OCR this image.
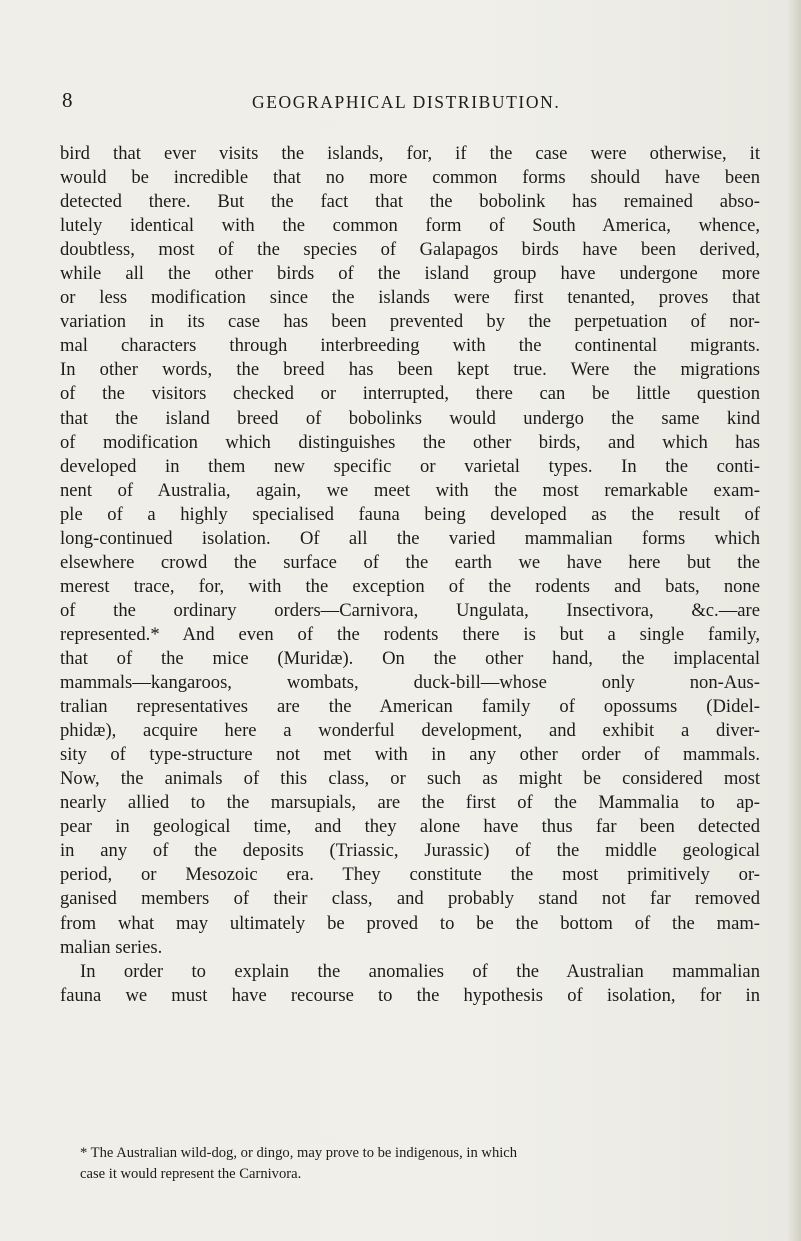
8	GEOGRAPHICAL DISTRIBUTION.
bird that ever visits the islands, for, if the case were otherwise, it
would be incredible that no more common forms should have been
detected there. But the fact that the bobolink has remained abso-
lutely identical with the common form of South America, whence,
doubtless, most of the species of Galapagos birds have been derived,
while all the other birds of the island group have undergone more
or less modification since the islands were first tenanted, proves that
variation in its case has been prevented by the perpetuation of nor-
mal characters through interbreeding with the continental migrants.
In other words, the breed has been kept true. Were the migrations
of the visitors checked or interrupted, there can be little question
that the island breed of bobolinks would undergo the same kind
of modification which distinguishes the other birds, and which has
developed in them new specific or varietal types. In the conti-
nent of Australia, again, we meet with the most remarkable exam-
ple of a highly specialised fauna being developed as the result of
long-continued isolation. Of all the varied mammalian forms which
elsewhere crowd the surface of the earth we have here but the
merest trace, for, with the exception of the rodents and bats, none
of the ordinary orders—Carnivora, Ungulata, Insectivora, &c.—are
represented.* And even of the rodents there is but a single family,
that of the mice (Muridæ). On the other hand, the implacental
mammals—kangaroos, wombats, duck-bill—whose only non-Aus-
tralian representatives are the American family of opossums (Didel-
phidæ), acquire here a wonderful development, and exhibit a diver-
sity of type-structure not met with in any other order of mammals.
Now, the animals of this class, or such as might be considered most
nearly allied to the marsupials, are the first of the Mammalia to ap-
pear in geological time, and they alone have thus far been detected
in any of the deposits (Triassic, Jurassic) of the middle geological
period, or Mesozoic era. They constitute the most primitively or-
ganised members of their class, and probably stand not far removed
from what may ultimately be proved to be the bottom of the mam-
malian series.
In order to explain the anomalies of the Australian mammalian
fauna we must have recourse to the hypothesis of isolation, for in
* The Australian wild-dog, or dingo, may prove to be indigenous, in which
case it would represent the Carnivora.
